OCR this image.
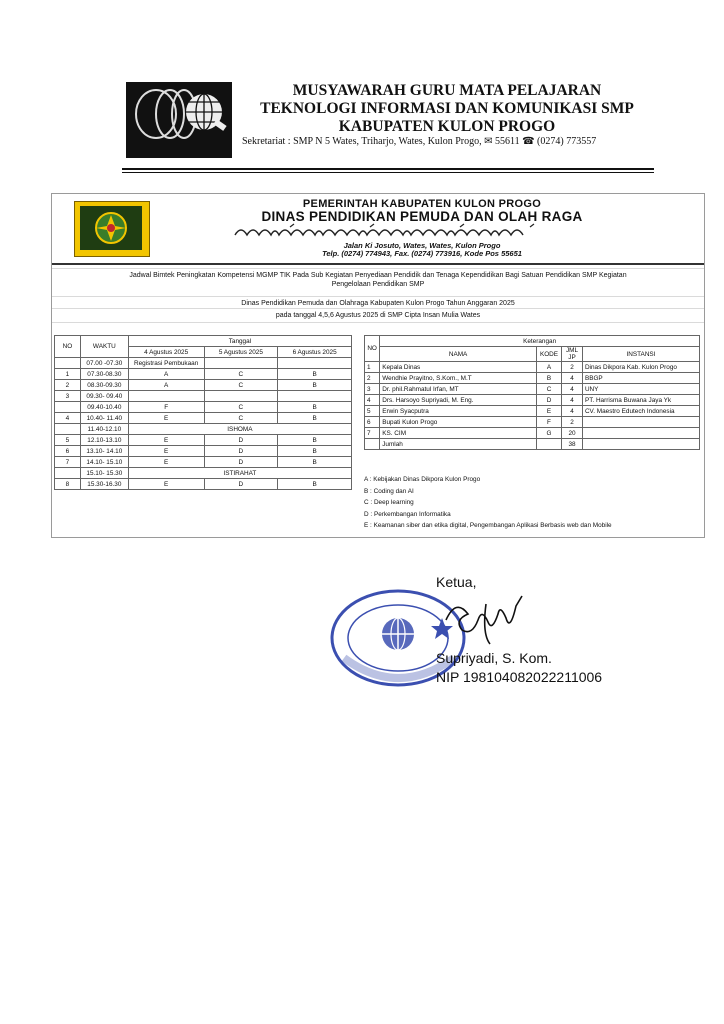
MUSYAWARAH GURU MATA PELAJARAN
TEKNOLOGI INFORMASI DAN KOMUNIKASI SMP
KABUPATEN KULON PROGO
Sekretariat : SMP N 5 Wates, Triharjo, Wates, Kulon Progo, ✉ 55611 ☎ (0274) 773557
PEMERINTAH KABUPATEN KULON PROGO
DINAS PENDIDIKAN PEMUDA DAN OLAH RAGA
Jalan Ki Josuto, Wates, Wates, Kulon Progo
Telp. (0274) 774943, Fax. (0274) 773916, Kode Pos 55651
Jadwal Bimtek Peningkatan Kompetensi MGMP TIK Pada Sub Kegiatan Penyediaan Pendidik dan Tenaga Kependidikan Bagi Satuan Pendidikan SMP Kegiatan
Pengelolaan Pendidikan SMP
Dinas Pendidikan Pemuda dan Olahraga Kabupaten Kulon Progo Tahun Anggaran 2025
pada tanggal 4,5,6 Agustus 2025 di SMP Cipta Insan Mulia Wates
NO	WAKTU	Tanggal		
		4 Agustus 2025	5 Agustus 2025	6 Agustus 2025
	07.00 -07.30	Registrasi Pembukaan		
1	07.30-08.30	A	C	B
2	08.30-09.30	A	C	B
3	09.30- 09.40			
	09.40-10.40	F	C	B
4	10.40- 11.40	E	C	B
	11.40-12.10	ISHOMA		
5	12.10-13.10	E	D	B
6	13.10- 14.10	E	D	B
7	14.10- 15.10	E	D	B
	15.10- 15.30	ISTIRAHAT		
8	15.30-16.30	E	D	B
NO	Keterangan			
	NAMA	KODE	JML JP	INSTANSI
1	Kepala Dinas	A	2	Dinas Dikpora Kab. Kulon Progo
2	Wendhie Prayitno, S.Kom., M.T	B	4	BBGP
3	Dr. phil.Rahmatul Irfan, MT	C	4	UNY
4	Drs. Harsoyo Supriyadi, M. Eng.	D	4	PT. Harrisma Buwana Jaya Yk
5	Erwin Syacputra	E	4	CV. Maestro Edutech Indonesia
6	Bupati Kulon Progo	F	2	
7	KS. CIM	G	20	
	Jumlah		38	
A : Kebijakan Dinas Dikpora Kulon Progo
B : Coding dan AI
C : Deep learning
D : Perkembangan Informatika
E : Keamanan siber dan etika digital, Pengembangan Aplikasi Berbasis web dan Mobile
Ketua,
Supriyadi, S. Kom.
NIP 198104082022211006
